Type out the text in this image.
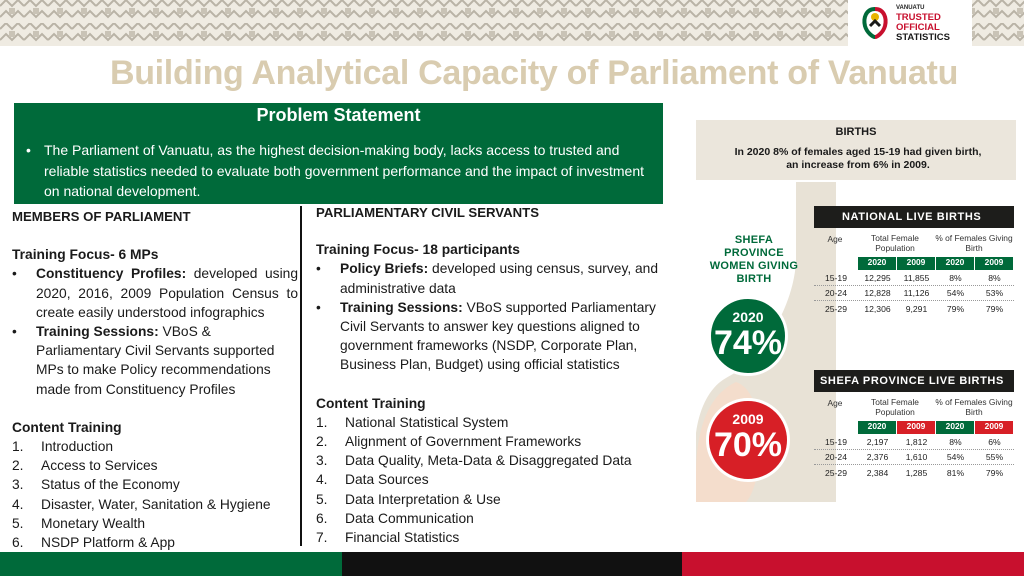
VANUATU
TRUSTED
OFFICIAL
STATISTICS
Building Analytical Capacity of Parliament of Vanuatu
Problem Statement
• The Parliament of Vanuatu, as the highest decision-making body, lacks access to trusted and reliable statistics needed to evaluate both government performance and the impact of investment on national development.
MEMBERS OF PARLIAMENT
Training Focus- 6 MPs
•	Constituency Profiles: developed using 2020, 2016, 2009 Population Census to create easily understood infographics
•	Training Sessions: VBoS & Parliamentary Civil Servants supported MPs to make Policy recommendations made from Constituency Profiles
Content Training
1.	Introduction
2.	Access to Services
3.	Status of the Economy
4.	Disaster, Water, Sanitation & Hygiene
5.	Monetary Wealth
6.	NSDP Platform & App
PARLIAMENTARY CIVIL SERVANTS
Training Focus- 18 participants
•	Policy Briefs: developed using census, survey, and administrative data
•	Training Sessions: VBoS supported Parliamentary Civil Servants to answer key questions aligned to government frameworks (NSDP, Corporate Plan, Business Plan, Budget) using official statistics
Content Training
1.	National Statistical System
2.	Alignment of Government Frameworks
3.	Data Quality, Meta-Data & Disaggregated Data
4.	Data Sources
5.	Data Interpretation & Use
6.	Data Communication
7.	Financial Statistics
BIRTHS
In 2020 8% of females aged 15-19 had given birth, an increase from 6% in 2009.
SHEFA PROVINCE WOMEN GIVING BIRTH
2020
74%
2009
70%
NATIONAL LIVE BIRTHS
Age	Total Female Population
% of Females Giving Birth
2020	2009	2020	2009
15-19	12,295	11,855	8%	8%
20-24	12,828	11,126	54%	53%
25-29	12,306	9,291	79%	79%
SHEFA PROVINCE LIVE BIRTHS
Age	Total Female Population
% of Females Giving Birth
2020	2009	2020	2009
15-19	2,197	1,812	8%	6%
20-24	2,376	1,610	54%	55%
25-29	2,384	1,285	81%	79%
